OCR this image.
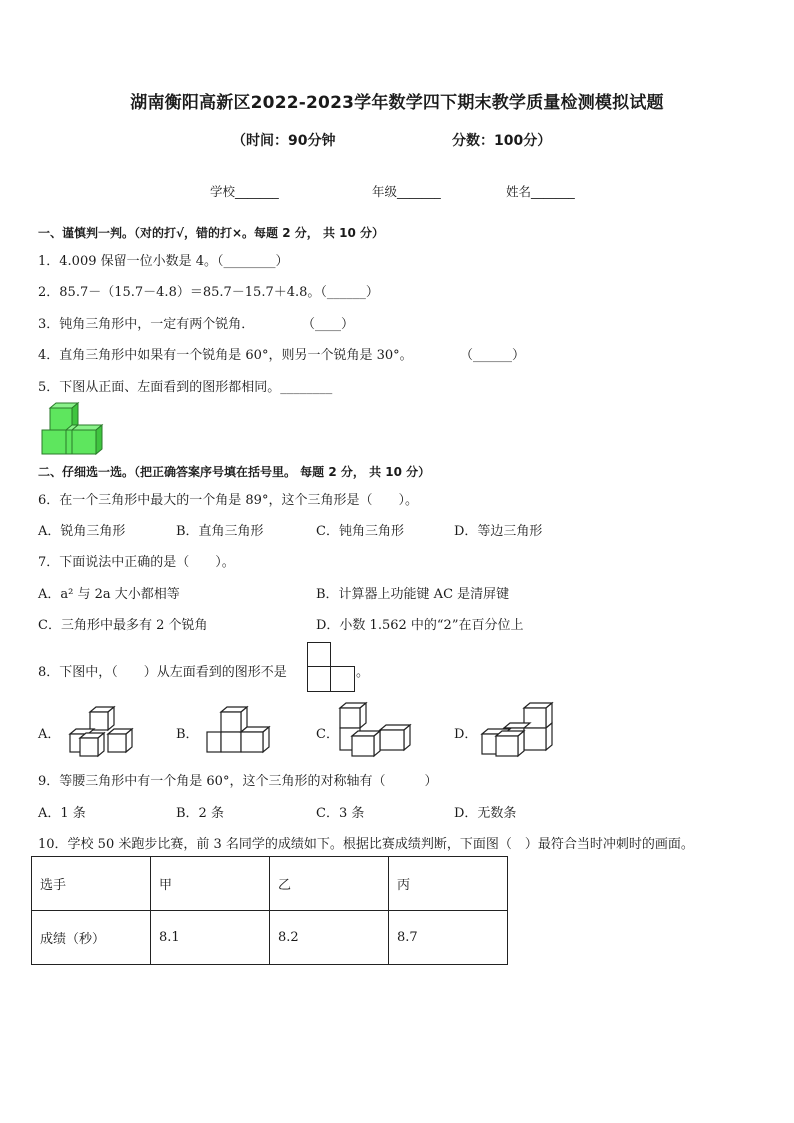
湖南衡阳高新区2022-2023学年数学四下期末教学质量检测模拟试题
（时间：90分钟	分数：100分）
学校_______	年级_______	姓名_______
一、谨慎判一判。（对的打√，错的打×。每题 2 分， 共 10 分）
1．4.009 保留一位小数是 4。（________）
2．85.7－（15.7－4.8）＝85.7－15.7＋4.8。（______）
3．钝角三角形中，一定有两个锐角．	（____）
4．直角三角形中如果有一个锐角是 60°，则另一个锐角是 30°。	（______）
5．下图从正面、左面看到的图形都相同。________
二、仔细选一选。（把正确答案序号填在括号里。 每题 2 分， 共 10 分）
6．在一个三角形中最大的一个角是 89°，这个三角形是（　　）。
A．锐角三角形	B．直角三角形	C．钝角三角形	D．等边三角形
7．下面说法中正确的是（　　）。
A．a² 与 2a 大小都相等	B．计算器上功能键 AC 是清屏键
C．三角形中最多有 2 个锐角	D．小数 1.562 中的“2”在百分位上
8．下图中，（　　）从左面看到的图形不是	。
A．	B．	C．	D．
9．等腰三角形中有一个角是 60°，这个三角形的对称轴有（　　　）
A．1 条	B．2 条	C．3 条	D．无数条
10．学校 50 米跑步比赛，前 3 名同学的成绩如下。根据比赛成绩判断，下面图（　）最符合当时冲刺时的画面。
选手	甲	乙	丙
成绩（秒）	8.1	8.2	8.7
